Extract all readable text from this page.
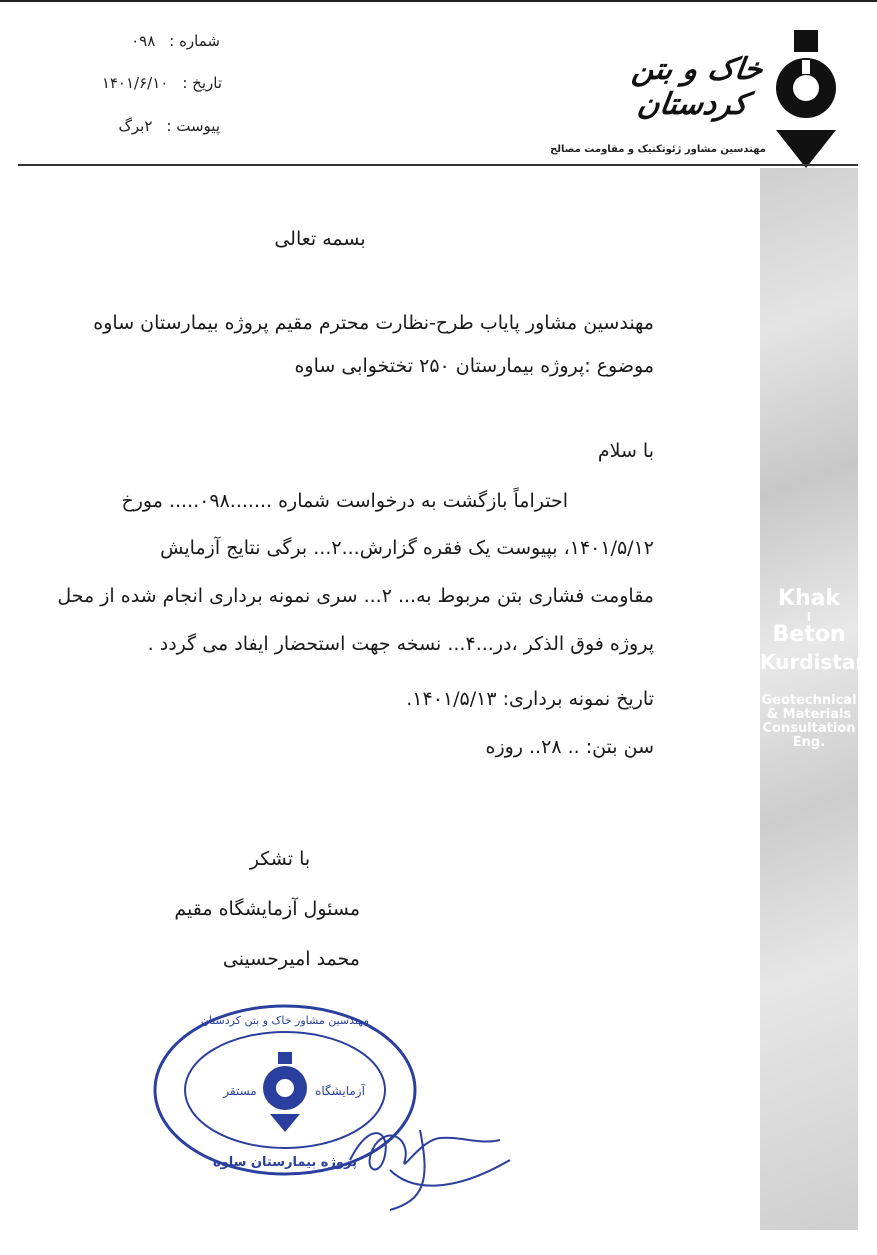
شماره :۰۹۸
تاریخ :۱۴۰۱/۶/۱۰
پیوست :۲برگ
خاک و بتن کردستان
مهندسین مشاور ژئوتکنیک و مقاومت مصالح
Khak
I
Beton
Kurdistan
Geotechnical & Materials Consultation Eng.
بسمه تعالی
مهندسین مشاور پایاب طرح-نظارت محترم مقیم پروژه بیمارستان ساوه
موضوع :پروژه بیمارستان ۲۵۰ تختخوابی ساوه
با سلام
احتراماً بازگشت به درخواست شماره .......۰۹۸..... مورخ
۱۴۰۱/۵/۱۲، بپیوست یک فقره گزارش...۲... برگی نتایج آزمایش
مقاومت فشاری بتن مربوط به... ۲... سری نمونه برداری انجام شده از محل
پروژه فوق الذکر ،در...۴... نسخه جهت استحضار ایفاد می گردد .
تاریخ نمونه برداری: ۱۴۰۱/۵/۱۳.
سن بتن: .. ۲۸.. روزه
با تشکر
مسئول آزمایشگاه مقیم
محمد امیرحسینی
مستقر	آزمایشگاه
مهندسین مشاور خاک و بتن کردستان
پروژه بیمارستان ساوه
